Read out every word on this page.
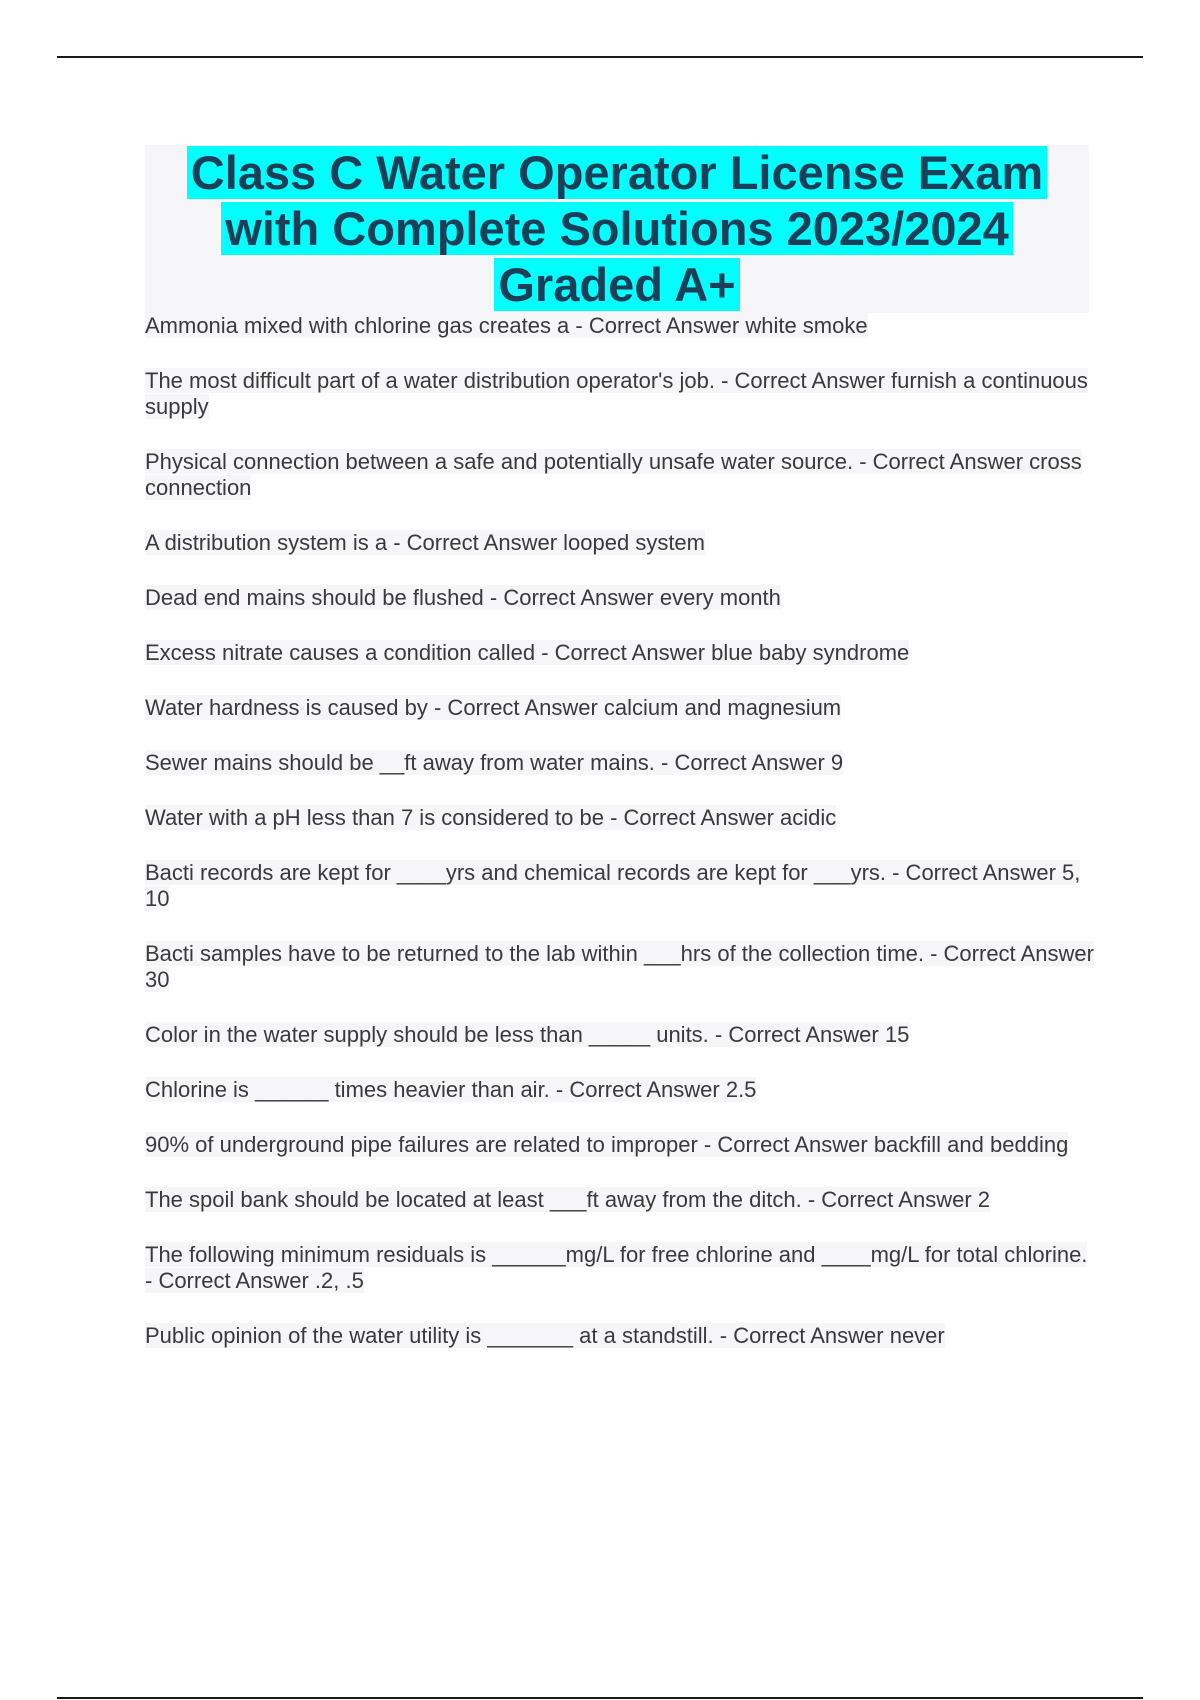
Class C Water Operator License Exam with Complete Solutions 2023/2024 Graded A+
Ammonia mixed with chlorine gas creates a - Correct Answer white smoke
The most difficult part of a water distribution operator's job. - Correct Answer furnish a continuous supply
Physical connection between a safe and potentially unsafe water source. - Correct Answer cross connection
A distribution system is a - Correct Answer looped system
Dead end mains should be flushed - Correct Answer every month
Excess nitrate causes a condition called - Correct Answer blue baby syndrome
Water hardness is caused by - Correct Answer calcium and magnesium
Sewer mains should be __ft away from water mains. - Correct Answer 9
Water with a pH less than 7 is considered to be - Correct Answer acidic
Bacti records are kept for ____yrs and chemical records are kept for ___yrs. - Correct Answer 5, 10
Bacti samples have to be returned to the lab within ___hrs of the collection time. - Correct Answer 30
Color in the water supply should be less than _____ units. - Correct Answer 15
Chlorine is ______ times heavier than air. - Correct Answer 2.5
90% of underground pipe failures are related to improper - Correct Answer backfill and bedding
The spoil bank should be located at least ___ft away from the ditch. - Correct Answer 2
The following minimum residuals is ______mg/L for free chlorine and ____mg/L for total chlorine. - Correct Answer .2, .5
Public opinion of the water utility is _______ at a standstill. - Correct Answer never
